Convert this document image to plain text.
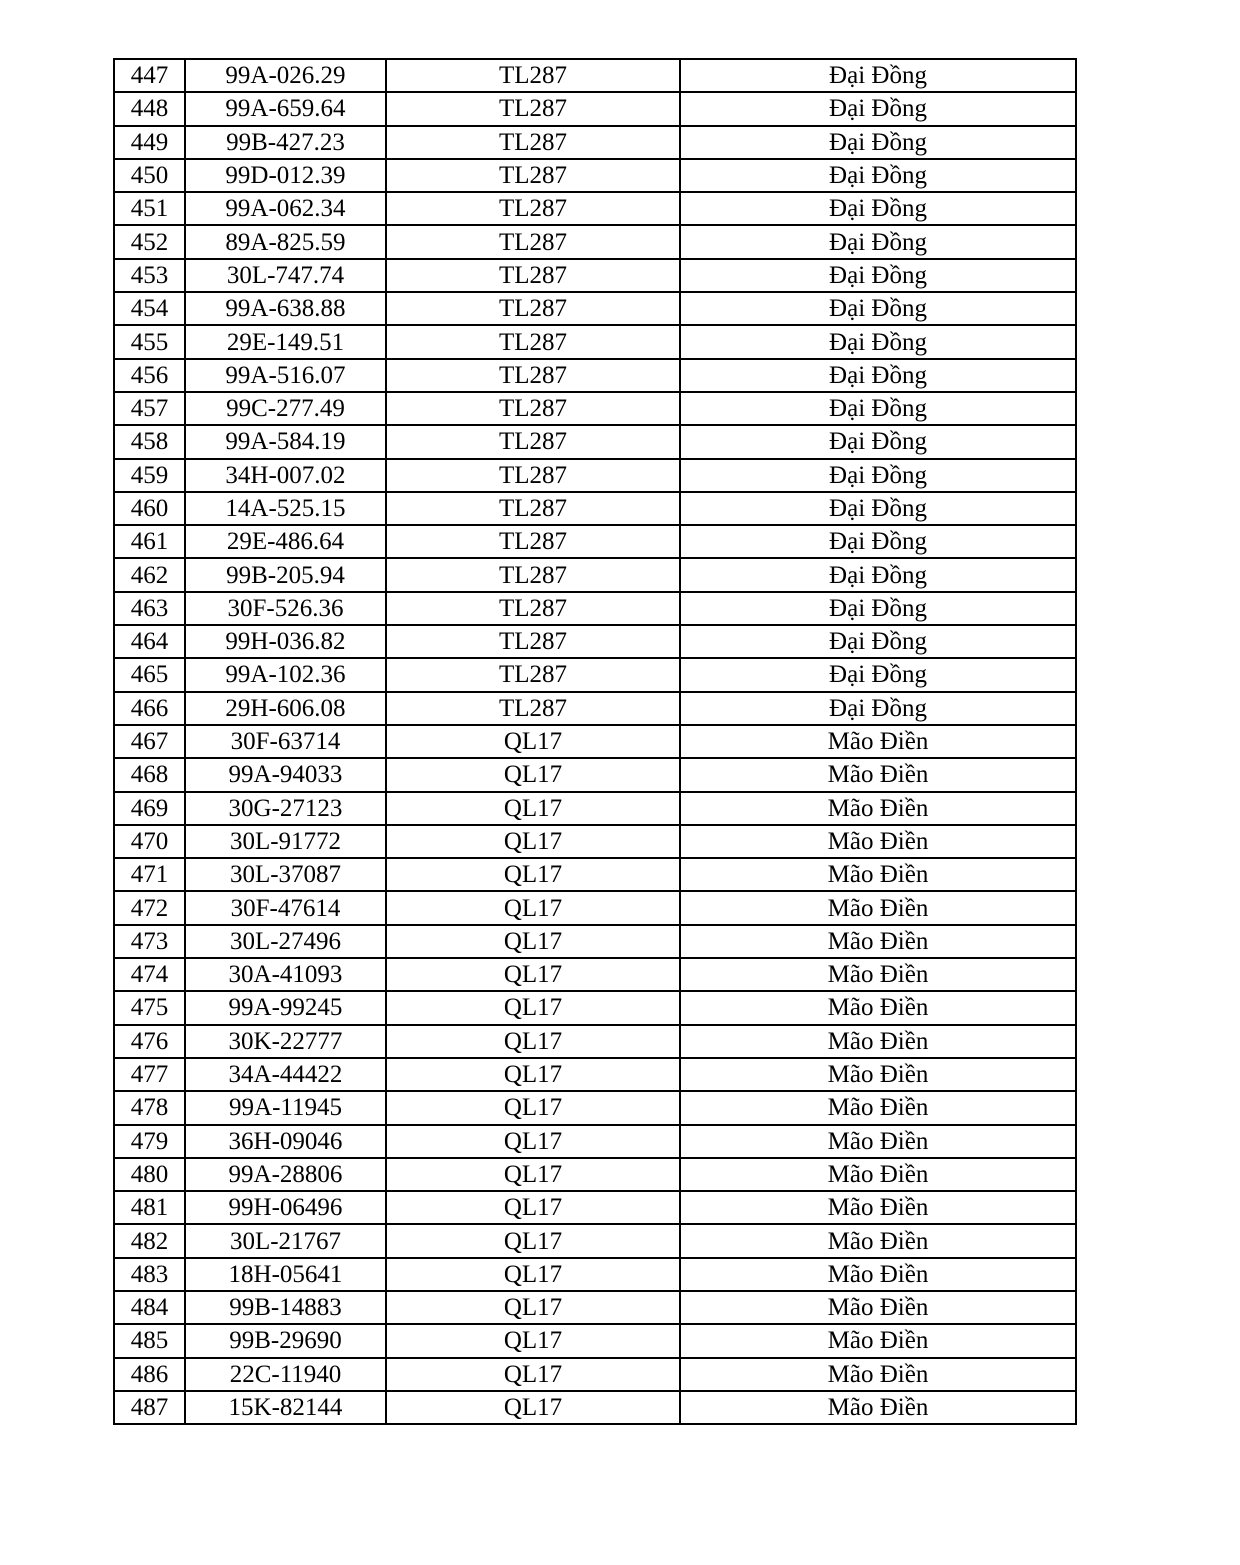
447	99A-026.29	TL287	Đại Đồng
448	99A-659.64	TL287	Đại Đồng
449	99B-427.23	TL287	Đại Đồng
450	99D-012.39	TL287	Đại Đồng
451	99A-062.34	TL287	Đại Đồng
452	89A-825.59	TL287	Đại Đồng
453	30L-747.74	TL287	Đại Đồng
454	99A-638.88	TL287	Đại Đồng
455	29E-149.51	TL287	Đại Đồng
456	99A-516.07	TL287	Đại Đồng
457	99C-277.49	TL287	Đại Đồng
458	99A-584.19	TL287	Đại Đồng
459	34H-007.02	TL287	Đại Đồng
460	14A-525.15	TL287	Đại Đồng
461	29E-486.64	TL287	Đại Đồng
462	99B-205.94	TL287	Đại Đồng
463	30F-526.36	TL287	Đại Đồng
464	99H-036.82	TL287	Đại Đồng
465	99A-102.36	TL287	Đại Đồng
466	29H-606.08	TL287	Đại Đồng
467	30F-63714	QL17	Mão Điền
468	99A-94033	QL17	Mão Điền
469	30G-27123	QL17	Mão Điền
470	30L-91772	QL17	Mão Điền
471	30L-37087	QL17	Mão Điền
472	30F-47614	QL17	Mão Điền
473	30L-27496	QL17	Mão Điền
474	30A-41093	QL17	Mão Điền
475	99A-99245	QL17	Mão Điền
476	30K-22777	QL17	Mão Điền
477	34A-44422	QL17	Mão Điền
478	99A-11945	QL17	Mão Điền
479	36H-09046	QL17	Mão Điền
480	99A-28806	QL17	Mão Điền
481	99H-06496	QL17	Mão Điền
482	30L-21767	QL17	Mão Điền
483	18H-05641	QL17	Mão Điền
484	99B-14883	QL17	Mão Điền
485	99B-29690	QL17	Mão Điền
486	22C-11940	QL17	Mão Điền
487	15K-82144	QL17	Mão Điền
